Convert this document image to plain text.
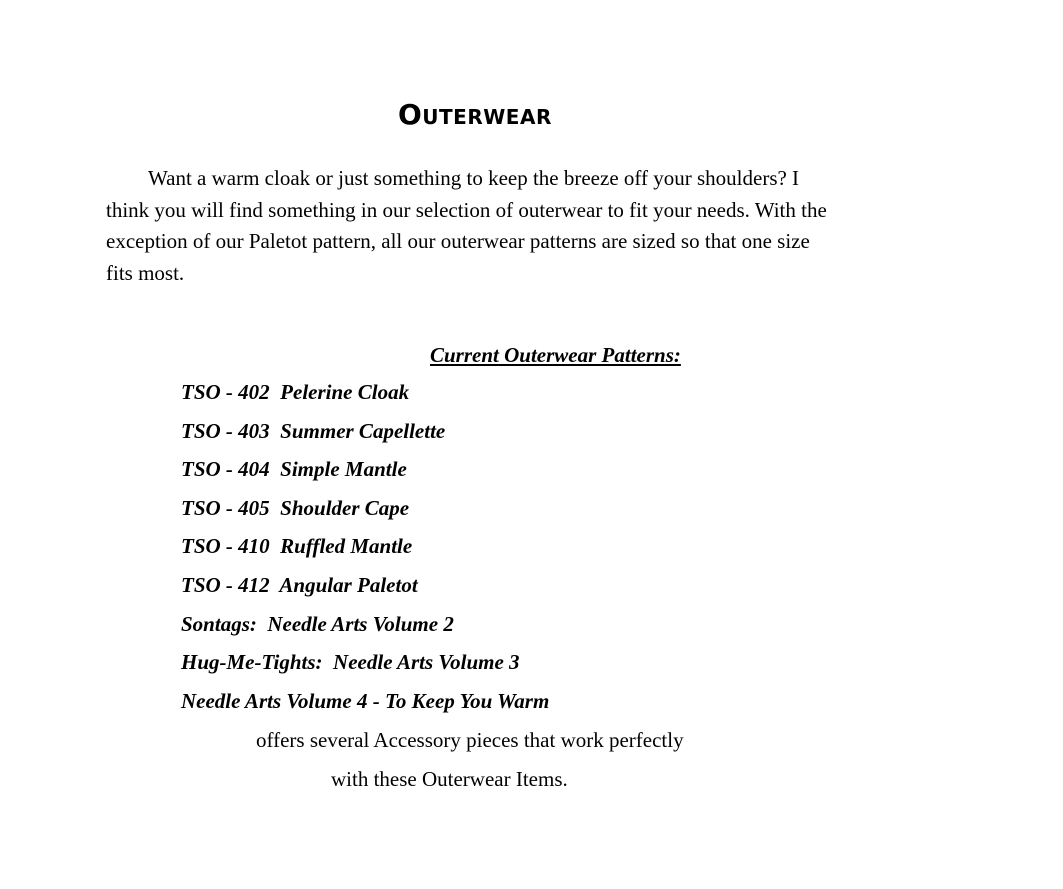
Outerwear

Want a warm cloak or just something to keep the breeze off your shoulders? I
think you will find something in our selection of outerwear to fit your needs. With the
exception of our Paletot pattern, all our outerwear patterns are sized so that one size
fits most.

Current Outerwear Patterns:
TSO - 402  Pelerine Cloak
TSO - 403  Summer Capellette
TSO - 404  Simple Mantle
TSO - 405  Shoulder Cape
TSO - 410  Ruffled Mantle
TSO - 412  Angular Paletot
Sontags:  Needle Arts Volume 2
Hug-Me-Tights:  Needle Arts Volume 3
Needle Arts Volume 4 - To Keep You Warm
offers several Accessory pieces that work perfectly
with these Outerwear Items.
